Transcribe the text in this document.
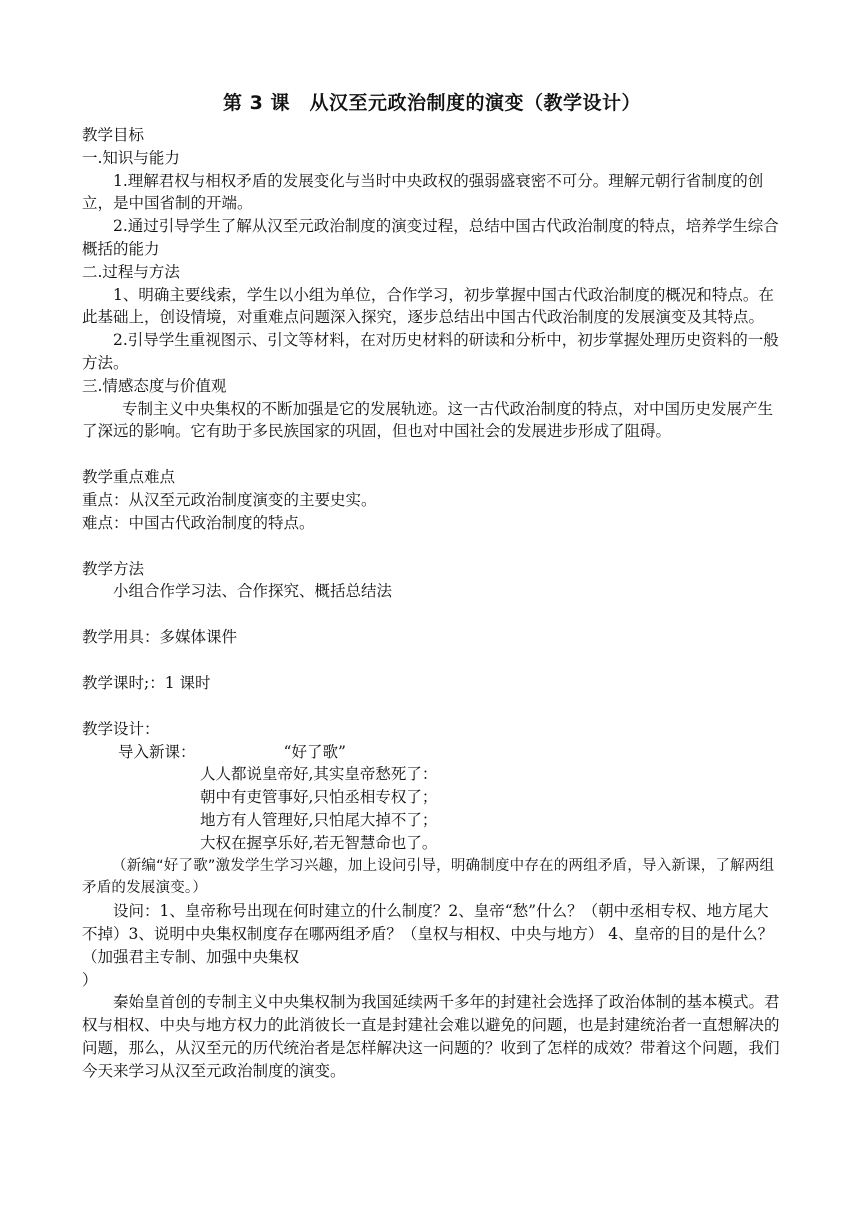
第 3 课　从汉至元政治制度的演变（教学设计）

教学目标

一.知识与能力

1.理解君权与相权矛盾的发展变化与当时中央政权的强弱盛衰密不可分。理解元朝行省制度的创立，是中国省制的开端。

2.通过引导学生了解从汉至元政治制度的演变过程，总结中国古代政治制度的特点，培养学生综合概括的能力

二.过程与方法

1、明确主要线索，学生以小组为单位，合作学习，初步掌握中国古代政治制度的概况和特点。在此基础上，创设情境，对重难点问题深入探究，逐步总结出中国古代政治制度的发展演变及其特点。

2.引导学生重视图示、引文等材料，在对历史材料的研读和分析中，初步掌握处理历史资料的一般方法。

三.情感态度与价值观

专制主义中央集权的不断加强是它的发展轨迹。这一古代政治制度的特点，对中国历史发展产生了深远的影响。它有助于多民族国家的巩固，但也对中国社会的发展进步形成了阻碍。

教学重点难点

重点：从汉至元政治制度演变的主要史实。

难点：中国古代政治制度的特点。

教学方法

小组合作学习法、合作探究、概括总结法

教学用具：多媒体课件

教学课时;：1 课时

教学设计：

导入新课：	“好了歌”

人人都说皇帝好,其实皇帝愁死了：

朝中有吏管事好,只怕丞相专权了；

地方有人管理好,只怕尾大掉不了；

大权在握享乐好,若无智慧命也了。

（新编“好了歌”激发学生学习兴趣，加上设问引导，明确制度中存在的两组矛盾，导入新课，了解两组矛盾的发展演变。）

设问：1、皇帝称号出现在何时建立的什么制度？2、皇帝“愁”什么？（朝中丞相专权、地方尾大不掉）3、说明中央集权制度存在哪两组矛盾？（皇权与相权、中央与地方） 4、皇帝的目的是什么？（加强君主专制、加强中央集权

）

秦始皇首创的专制主义中央集权制为我国延续两千多年的封建社会选择了政治体制的基本模式。君权与相权、中央与地方权力的此消彼长一直是封建社会难以避免的问题，也是封建统治者一直想解决的问题，那么，从汉至元的历代统治者是怎样解决这一问题的？收到了怎样的成效？带着这个问题，我们今天来学习从汉至元政治制度的演变。
